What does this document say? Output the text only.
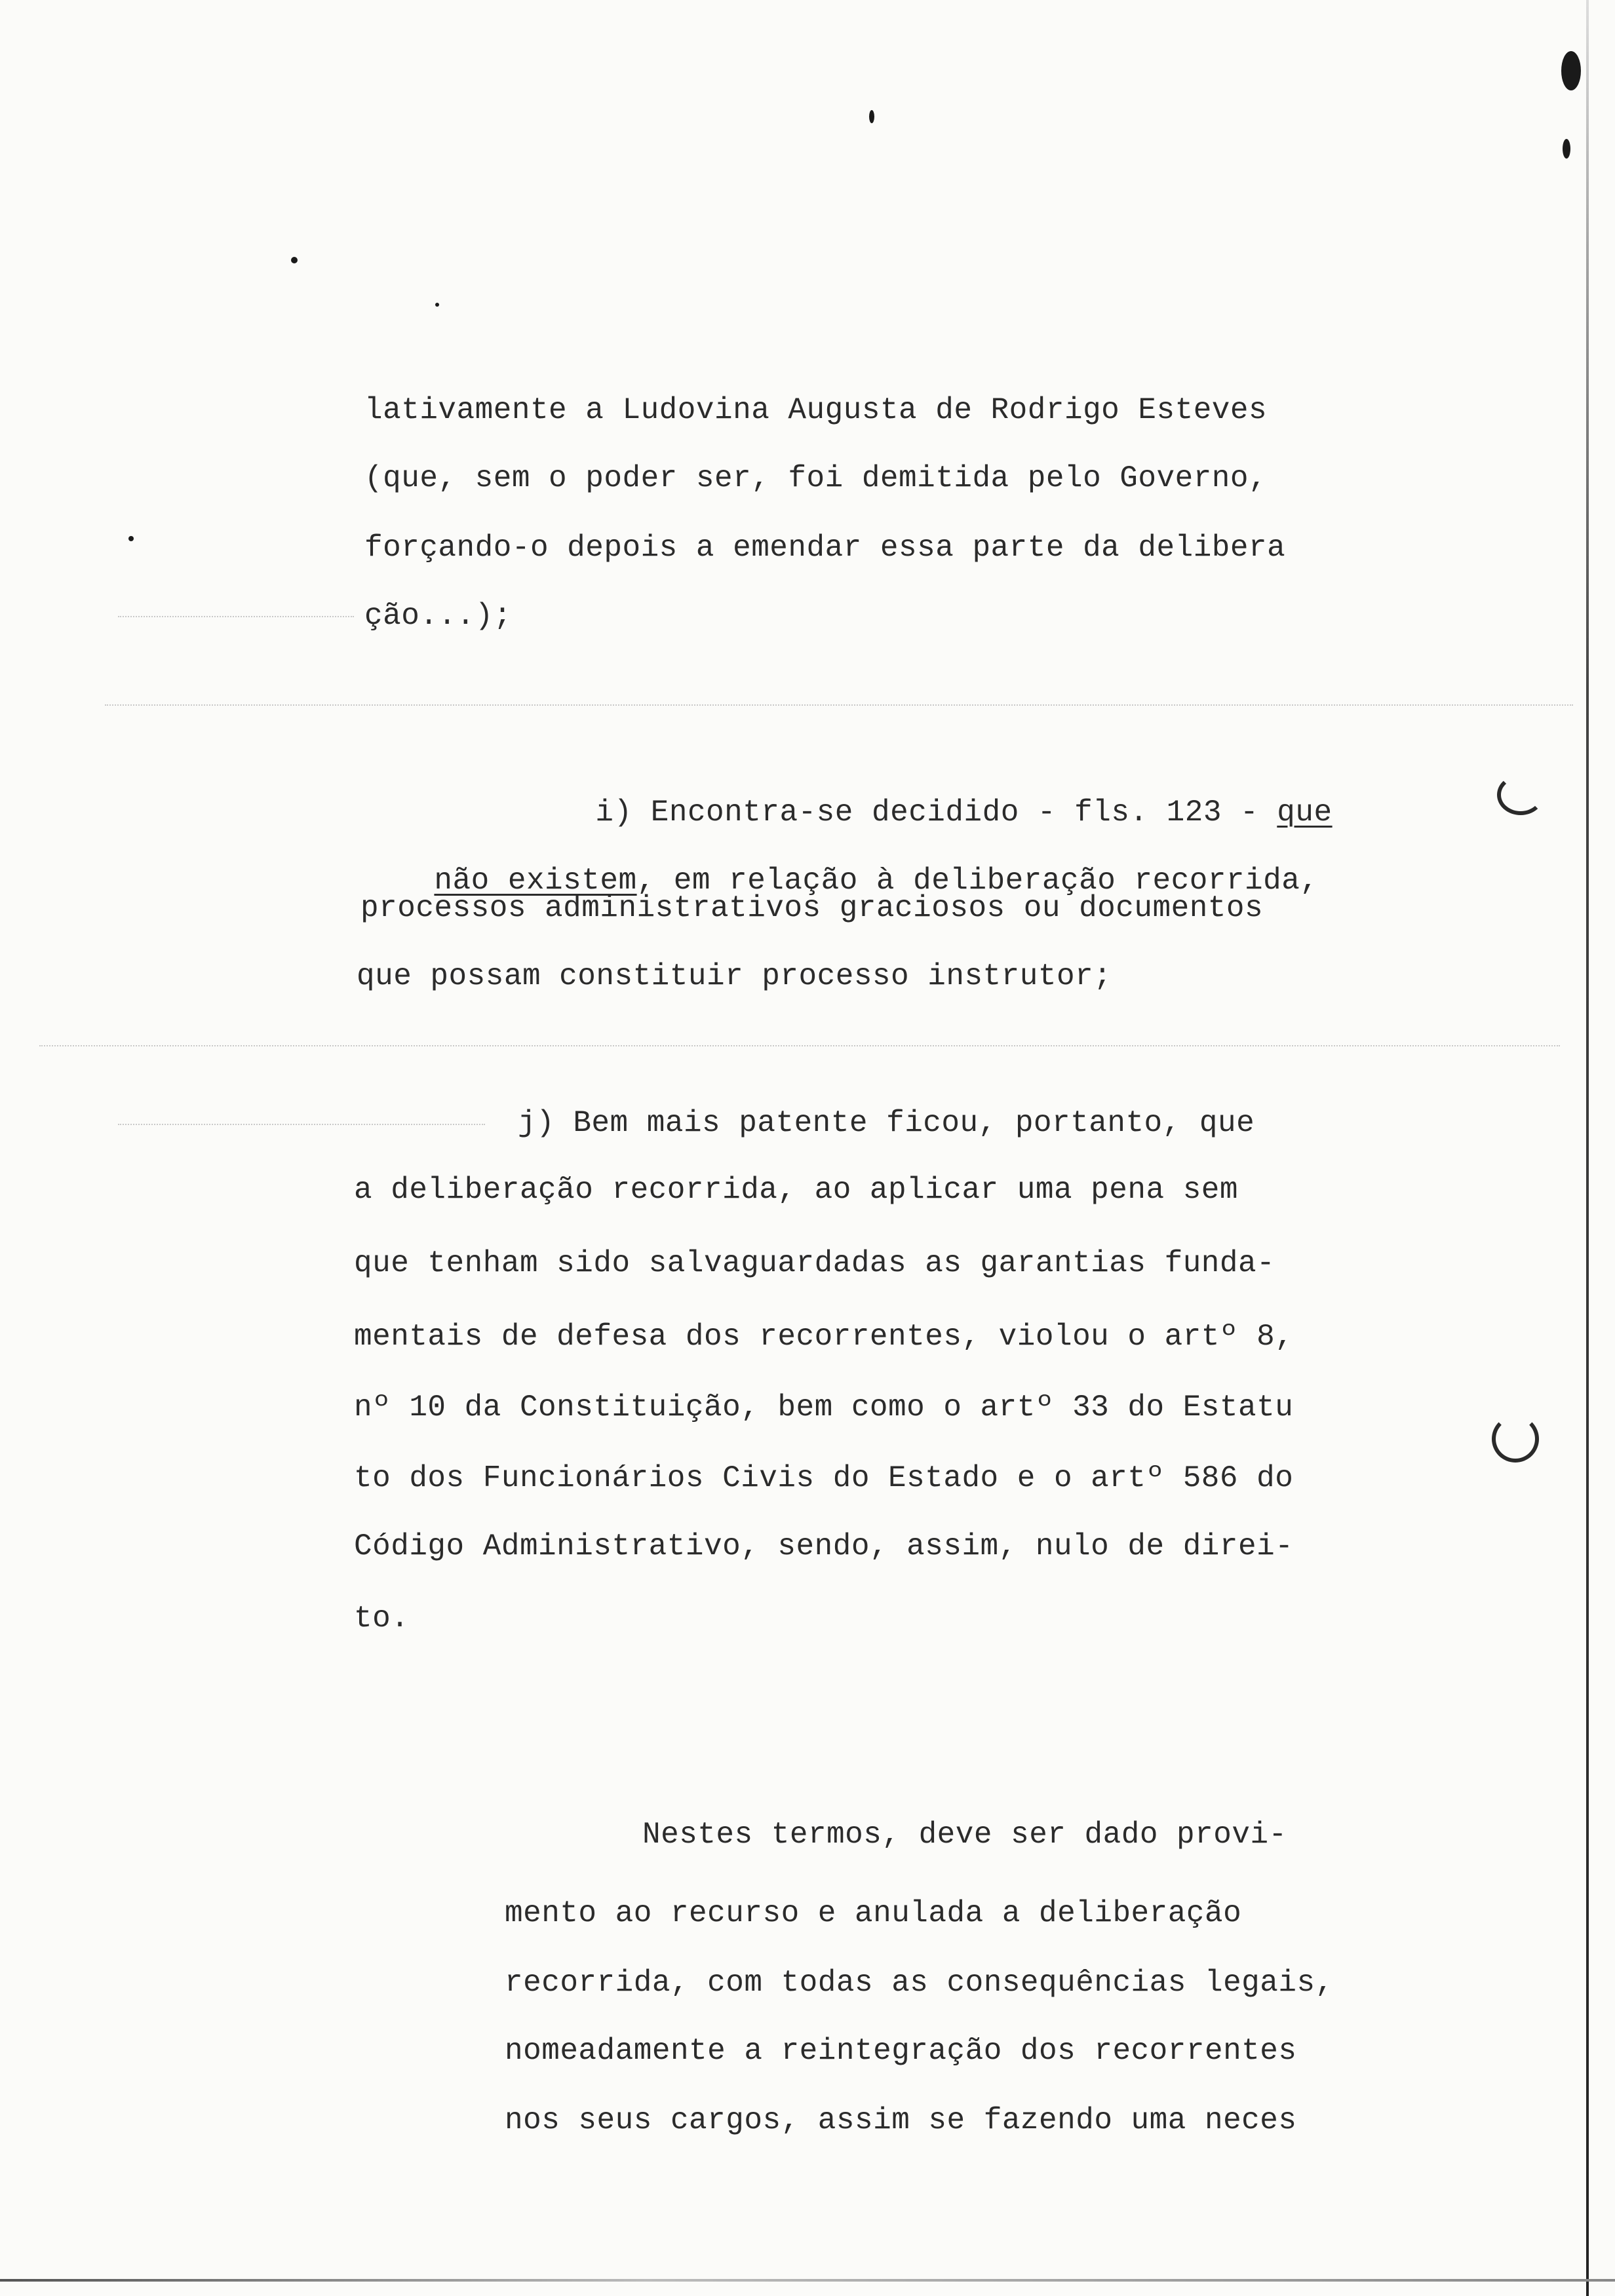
lativamente a Ludovina Augusta de Rodrigo Esteves
(que, sem o poder ser, foi demitida pelo Governo,
forçando-o depois a emendar essa parte da delibera
ção...);

i) Encontra-se decidido - fls. 123 - que

não existem, em relação à deliberação recorrida,

processos administrativos graciosos ou documentos
que possam constituir processo instrutor;
j) Bem mais patente ficou, portanto, que
a deliberação recorrida, ao aplicar uma pena sem
que tenham sido salvaguardadas as garantias funda-
mentais de defesa dos recorrentes, violou o artº 8,
nº 10 da Constituição, bem como o artº 33 do Estatu
to dos Funcionários Civis do Estado e o artº 586 do
Código Administrativo, sendo, assim, nulo de direi-
to.
Nestes termos, deve ser dado provi-
mento ao recurso e anulada a deliberação
recorrida, com todas as consequências legais,
nomeadamente a reintegração dos recorrentes
nos seus cargos, assim se fazendo uma neces
